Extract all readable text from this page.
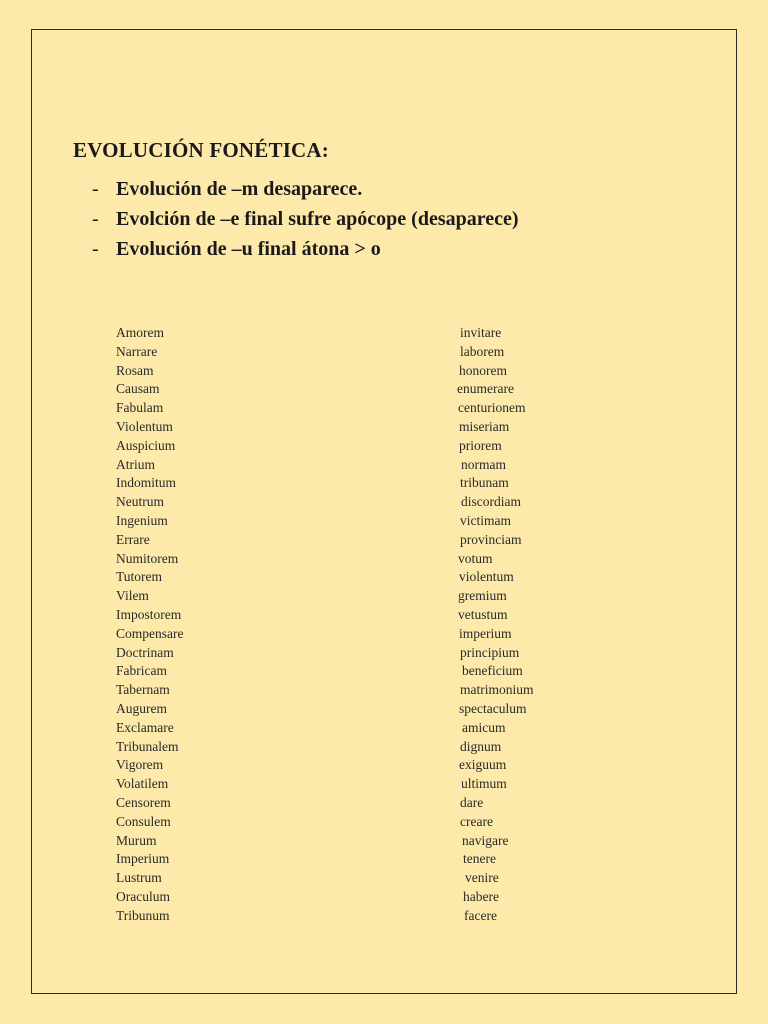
EVOLUCIÓN FONÉTICA:
- Evolución de –m desaparece.
- Evolción de –e final sufre apócope (desaparece)
- Evolución de –u final átona > o
Amorem
Narrare
Rosam
Causam
Fabulam
Violentum
Auspicium
Atrium
Indomitum
Neutrum
Ingenium
Errare
Numitorem
Tutorem
Vilem
Impostorem
Compensare
Doctrinam
Fabricam
Tabernam
Augurem
Exclamare
Tribunalem
Vigorem
Volatilem
Censorem
Consulem
Murum
Imperium
Lustrum
Oraculum
Tribunum
invitare
laborem
honorem
enumerare
centurionem
miseriam
priorem
normam
tribunam
discordiam
victimam
provinciam
votum
violentum
gremium
vetustum
imperium
principium
beneficium
matrimonium
spectaculum
amicum
dignum
exiguum
ultimum
dare
creare
navigare
tenere
venire
habere
facere
